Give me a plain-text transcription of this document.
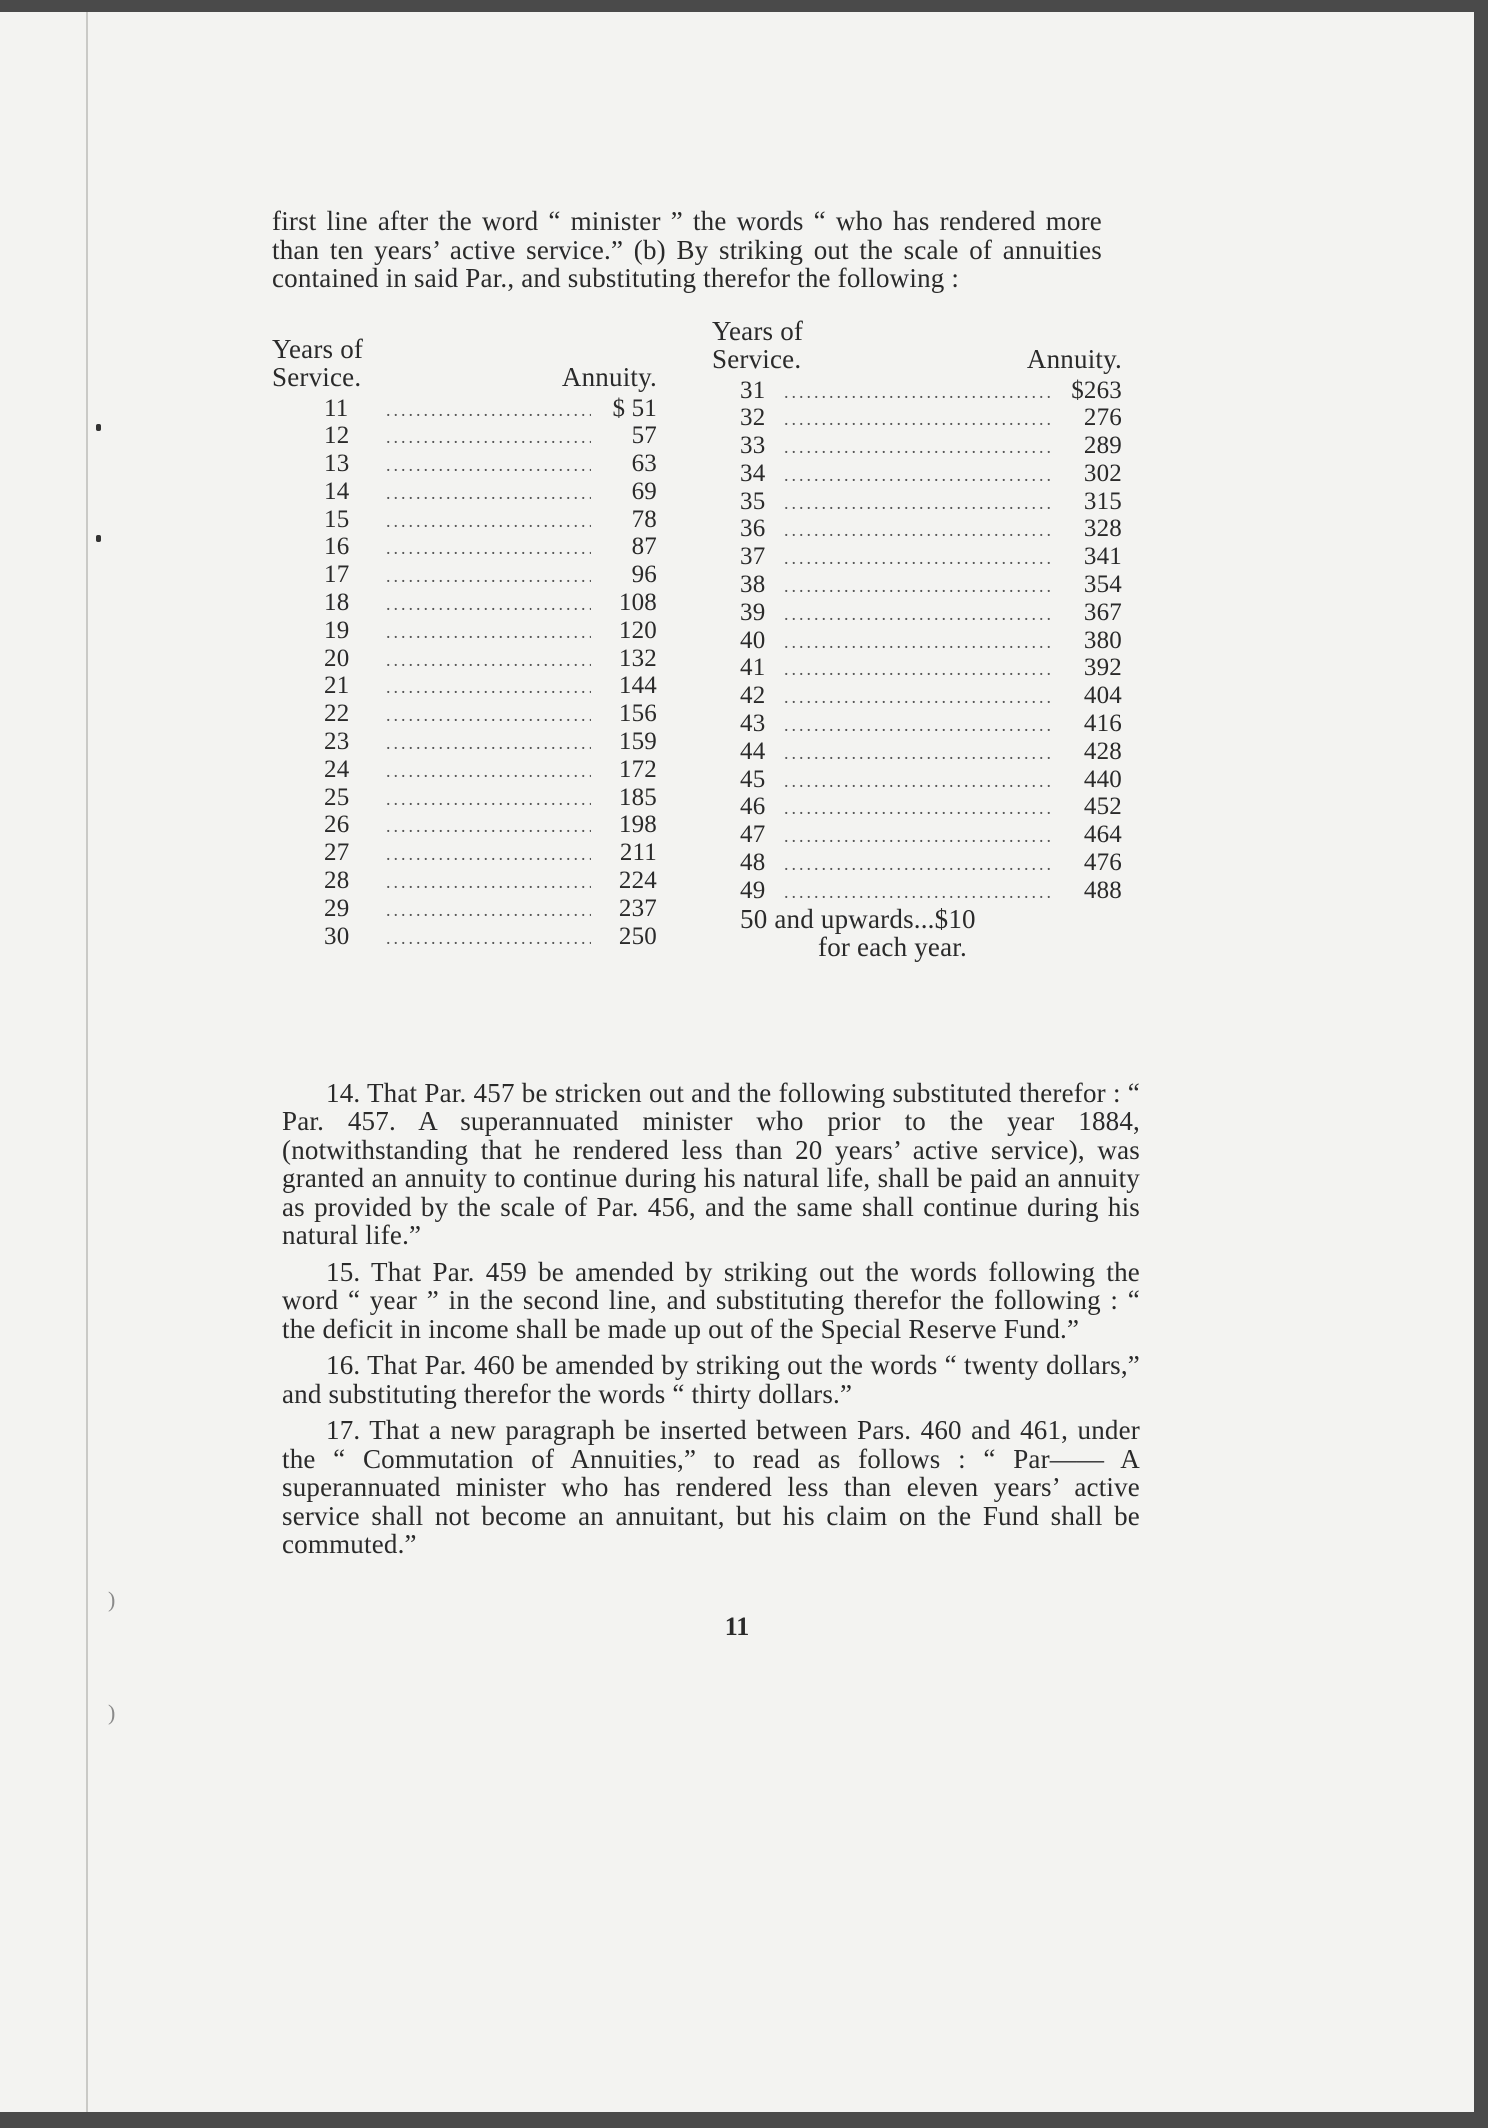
)
)

first line after the word “ minister ” the words “ who has rendered more than ten years’ active service.” (b) By striking out the scale of annuities contained in said Par., and substituting therefor the following :

Years of Service.	Annuity.
11 .....	$ 51
12 .....	57
13 .....	63
14 .....	69
15 .....	78
16 .....	87
17 .....	96
18 .....	108
19 .....	120
20 .....	132
21 .....	144
22 .....	156
23 .....	159
24 .....	172
25 .....	185
26 .....	198
27 .....	211
28 .....	224
29 .....	237
30 .....	250
Years of Service.	Annuity.
31 .....	$263
32 .....	276
33 .....	289
34 .....	302
35 .....	315
36 .....	328
37 .....	341
38 .....	354
39 .....	367
40 .....	380
41 .....	392
42 .....	404
43 .....	416
44 .....	428
45 .....	440
46 .....	452
47 .....	464
48 .....	476
49 .....	488
50 and upwards...$10
for each year.

14. That Par. 457 be stricken out and the following substituted therefor : “ Par. 457. A superannuated minister who prior to the year 1884, (notwithstanding that he rendered less than 20 years’ active service), was granted an annuity to continue during his natural life, shall be paid an annuity as provided by the scale of Par. 456, and the same shall continue during his natural life.”

15. That Par. 459 be amended by striking out the words following the word “ year ” in the second line, and substituting therefor the following : “ the deficit in income shall be made up out of the Special Reserve Fund.”

16. That Par. 460 be amended by striking out the words “ twenty dollars,” and substituting therefor the words “ thirty dollars.”

17. That a new paragraph be inserted between Pars. 460 and 461, under the “ Commutation of Annuities,” to read as follows : “ Par—— A superannuated minister who has rendered less than eleven years’ active service shall not become an annuitant, but his claim on the Fund shall be commuted.”

11
